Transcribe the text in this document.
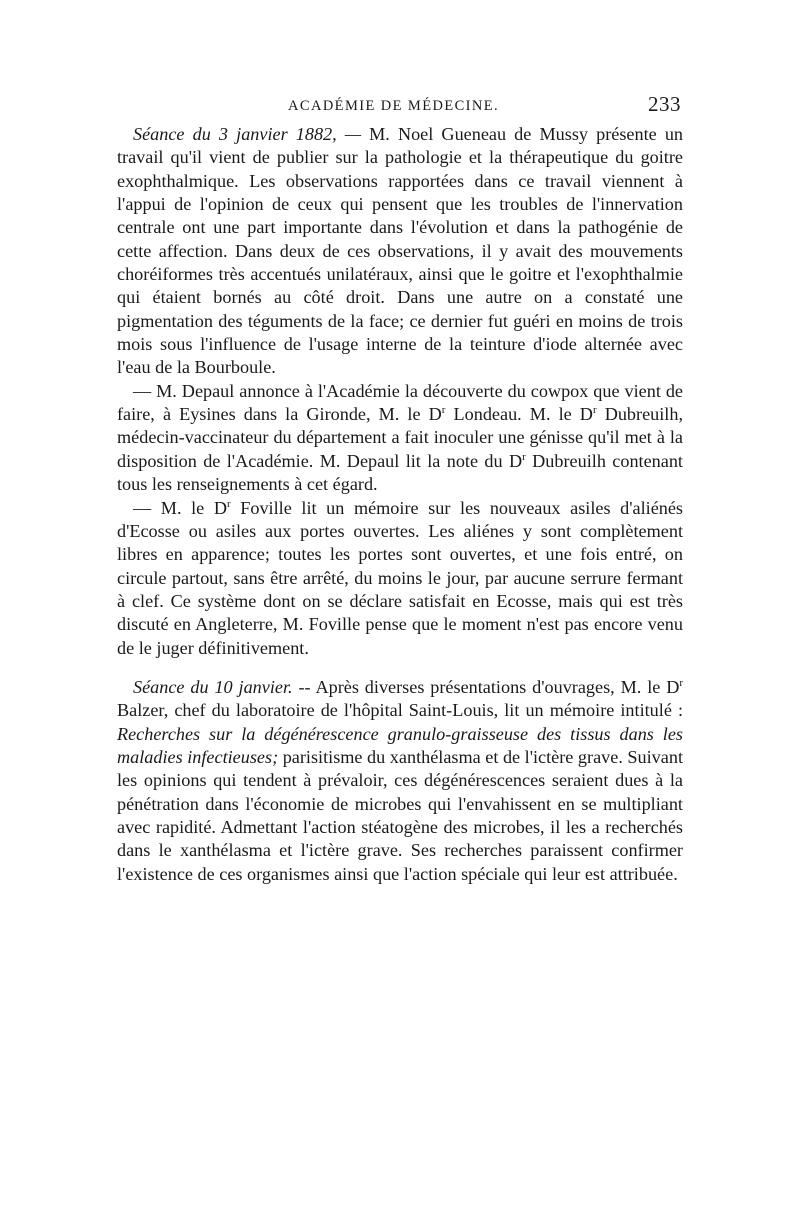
ACADÉMIE DE MÉDECINE.	233

Séance du 3 janvier 1882, — M. Noel Gueneau de Mussy présente un travail qu'il vient de publier sur la pathologie et la thérapeutique du goitre exophthalmique. Les observations rapportées dans ce travail viennent à l'appui de l'opinion de ceux qui pensent que les troubles de l'innervation centrale ont une part importante dans l'évolution et dans la pathogénie de cette affection. Dans deux de ces observations, il y avait des mouvements choréiformes très accentués unilatéraux, ainsi que le goitre et l'exophthalmie qui étaient bornés au côté droit. Dans une autre on a constaté une pigmentation des téguments de la face; ce dernier fut guéri en moins de trois mois sous l'influence de l'usage interne de la teinture d'iode alternée avec l'eau de la Bourboule.

— M. Depaul annonce à l'Académie la découverte du cowpox que vient de faire, à Eysines dans la Gironde, M. le $D^r$ Londeau. M. le $D^r$ Dubreuilh, médecin-vaccinateur du département a fait inoculer une génisse qu'il met à la disposition de l'Académie. M. Depaul lit la note du $D^r$ Dubreuilh contenant tous les renseignements à cet égard.

— M. le $D^r$ Foville lit un mémoire sur les nouveaux asiles d'aliénés d'Ecosse ou asiles aux portes ouvertes. Les aliénes y sont complètement libres en apparence; toutes les portes sont ouvertes, et une fois entré, on circule partout, sans être arrêté, du moins le jour, par aucune serrure fermant à clef. Ce système dont on se déclare satisfait en Ecosse, mais qui est très discuté en Angleterre, M. Foville pense que le moment n'est pas encore venu de le juger définitivement.

Séance du 10 janvier. -- Après diverses présentations d'ouvrages, M. le $D^r$ Balzer, chef du laboratoire de l'hôpital Saint-Louis, lit un mémoire intitulé : Recherches sur la dégénérescence granulo-graisseuse des tissus dans les maladies infectieuses; parisitisme du xanthélasma et de l'ictère grave. Suivant les opinions qui tendent à prévaloir, ces dégénérescences seraient dues à la pénétration dans l'économie de microbes qui l'envahissent en se multipliant avec rapidité. Admettant l'action stéatogène des microbes, il les a recherchés dans le xanthélasma et l'ictère grave. Ses recherches paraissent confirmer l'existence de ces organismes ainsi que l'action spéciale qui leur est attribuée.
